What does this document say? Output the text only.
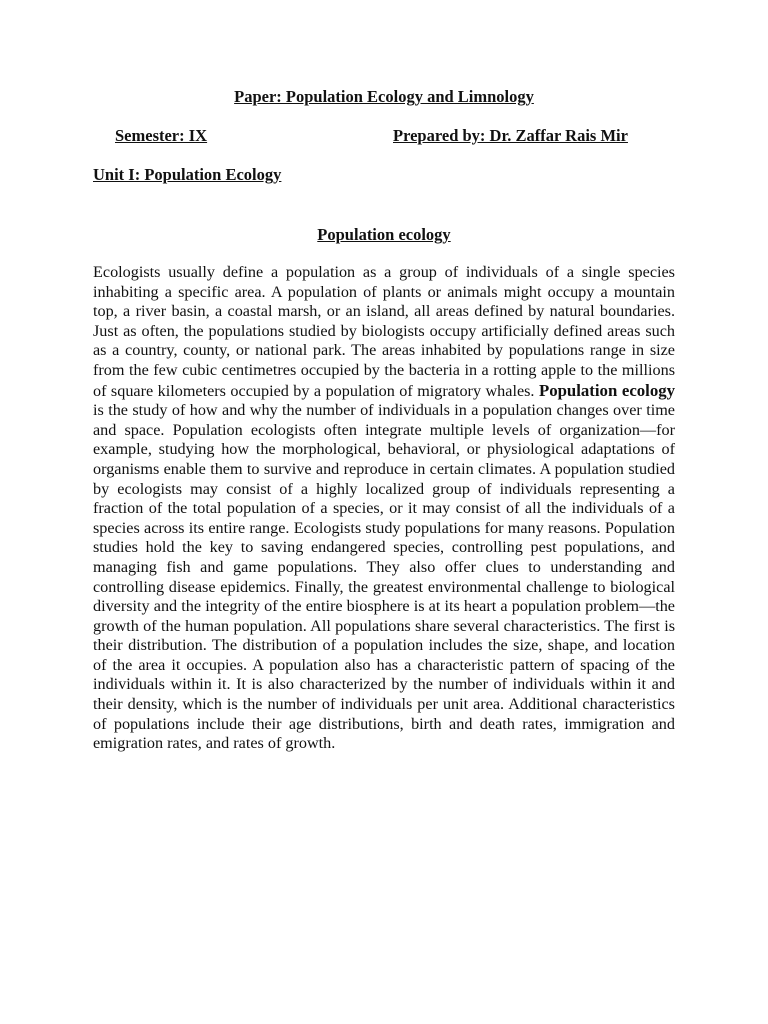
Paper: Population Ecology and Limnology
Semester: IX	Prepared by: Dr. Zaffar Rais Mir
Unit I: Population Ecology
Population ecology

Ecologists usually define a population as a group of individuals of a single species inhabiting a specific area. A population of plants or animals might occupy a mountain top, a river basin, a coastal marsh, or an island, all areas defined by natural boundaries. Just as often, the populations studied by biologists occupy artificially defined areas such as a country, county, or national park. The areas inhabited by populations range in size from the few cubic centimetres occupied by the bacteria in a rotting apple to the millions of square kilometers occupied by a population of migratory whales. Population ecology is the study of how and why the number of individuals in a population changes over time and space. Population ecologists often integrate multiple levels of organization—for example, studying how the morphological, behavioral, or physiological adaptations of organisms enable them to survive and reproduce in certain climates. A population studied by ecologists may consist of a highly localized group of individuals representing a fraction of the total population of a species, or it may consist of all the individuals of a species across its entire range. Ecologists study populations for many reasons. Population studies hold the key to saving endangered species, controlling pest populations, and managing fish and game populations. They also offer clues to understanding and controlling disease epidemics. Finally, the greatest environmental challenge to biological diversity and the integrity of the entire biosphere is at its heart a population problem—the growth of the human population. All populations share several characteristics. The first is their distribution. The distribution of a population includes the size, shape, and location of the area it occupies. A population also has a characteristic pattern of spacing of the individuals within it. It is also characterized by the number of individuals within it and their density, which is the number of individuals per unit area. Additional characteristics of populations include their age distributions, birth and death rates, immigration and emigration rates, and rates of growth.
